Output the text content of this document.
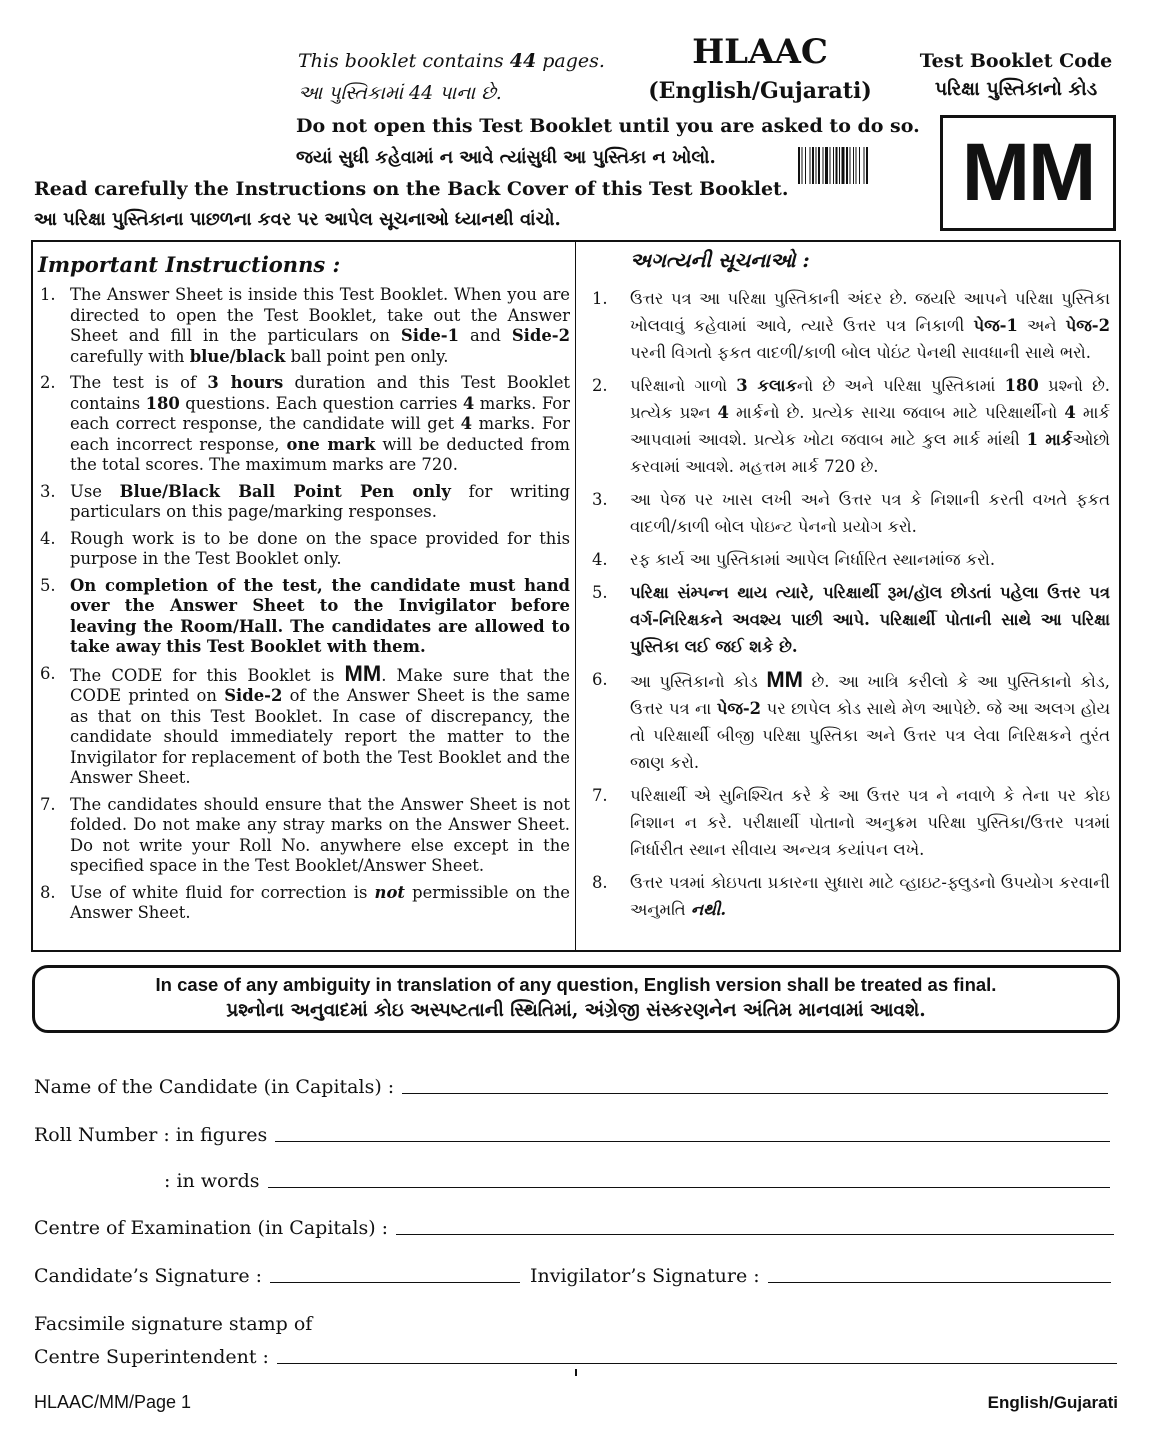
This booklet contains 44 pages.
આ પુસ્તિકામાં 44 પાના છે.
HLAAC
(English/Gujarati)
Test Booklet Code
પરિક્ષા પુસ્તિકાનો કોડ
Do not open this Test Booklet until you are asked to do so.
જયાં સુધી કહેવામાં ન આવે ત્યાંસુધી આ પુસ્તિકા ન ખોલો.
Read carefully the Instructions on the Back Cover of this Test Booklet.
આ પરિક્ષા પુસ્તિકાના પાછળના કવર પર આપેલ સૂચનાઓ ધ્યાનથી વાંચો.
MM
Important Instructionns :	અગત્યની સૂચનાઓ :
1. The Answer Sheet is inside this Test Booklet. When you are directed to open the Test Booklet, take out the Answer Sheet and fill in the particulars on Side-1 and Side-2 carefully with blue/black ball point pen only.
2. The test is of 3 hours duration and this Test Booklet contains 180 questions. Each question carries 4 marks. For each correct response, the candidate will get 4 marks. For each incorrect response, one mark will be deducted from the total scores. The maximum marks are 720.
3. Use Blue/Black Ball Point Pen only for writing particulars on this page/marking responses.
4. Rough work is to be done on the space provided for this purpose in the Test Booklet only.
5. On completion of the test, the candidate must hand over the Answer Sheet to the Invigilator before leaving the Room/Hall. The candidates are allowed to take away this Test Booklet with them.
6. The CODE for this Booklet is MM. Make sure that the CODE printed on Side-2 of the Answer Sheet is the same as that on this Test Booklet. In case of discrepancy, the candidate should immediately report the matter to the Invigilator for replacement of both the Test Booklet and the Answer Sheet.
7. The candidates should ensure that the Answer Sheet is not folded. Do not make any stray marks on the Answer Sheet. Do not write your Roll No. anywhere else except in the specified space in the Test Booklet/Answer Sheet.
8. Use of white fluid for correction is not permissible on the Answer Sheet.
1.	ઉત્તર પત્ર આ પરિક્ષા પુસ્તિકાની અંદર છે. જયરિ આપને પરિક્ષા પુસ્તિકા ખોલવાવું કહેવામાં આવે, ત્યારે ઉત્તર પત્ર નિકાળી પેજ-1 અને પેજ-2 પરની વિગતો ફકત વાદળી/કાળી બોલ પોઇંટ પેનથી સાવધાની સાથે ભરો.
2.	પરિક્ષાનો ગાળો 3 કલાકનો છે અને પરિક્ષા પુસ્તિકામાં 180 પ્રશ્નો છે. પ્રત્યેક પ્રશ્ન 4 માર્કનો છે. પ્રત્યેક સાચા જવાબ માટે પરિક્ષાર્થીનો 4 માર્ક આપવામાં આવશે. પ્રત્યેક ખોટા જવાબ માટે કુલ માર્ક માંથી 1 માર્કઓછો કરવામાં આવશે. મહત્તમ માર્ક 720 છે.
3.	આ પેજ પર ખાસ લખી અને ઉત્તર પત્ર કે નિશાની કરતી વખતે ફકત વાદળી/કાળી બોલ પોઇન્ટ પેનનો પ્રયોગ કરો.
4.	રફ કાર્ય આ પુસ્તિકામાં આપેલ નિર્ધારિત સ્થાનમાંજ કરો.
5.	પરિક્ષા સંમ્પન્ન થાય ત્યારે, પરિક્ષાર્થી રૂમ/હૉલ છોડતાં પહેલા ઉત્તર પત્ર વર્ગ-નિરિક્ષકને અવશ્ય પાછી આપે. પરિક્ષાર્થી પોતાની સાથે આ પરિક્ષા પુસ્તિકા લઈ જઈ શકે છે.
6.	આ પુસ્તિકાનો કોડ MM છે. આ ખાત્રિ કરીલો કે આ પુસ્તિકાનો કોડ, ઉત્તર પત્ર ના પેજ-2 પર છાપેલ કોડ સાથે મેળ આપેછે. જે આ અલગ હોય તો પરિક્ષાર્થી બીજી પરિક્ષા પુસ્તિકા અને ઉત્તર પત્ર લેવા નિરિક્ષકને તુરંત જાણ કરો.
7.	પરિક્ષાર્થી એ સુનિશ્ચિત કરે કે આ ઉત્તર પત્ર ને નવાળે કે તેના પર કોઇ નિશાન ન કરે. પરીક્ષાર્થી પોતાનો અનુક્રમ પરિક્ષા પુસ્તિકા/ઉત્તર પત્રમાં નિર્ધારીત સ્થાન સીવાય અન્યત્ર કયાંપન લખે.
8.	ઉત્તર પત્રમાં કોઇપતા પ્રકારના સુધારા માટે વ્હાઇટ-ફ્લુડનો ઉપયોગ કરવાની અનુમતિ નથી.
In case of any ambiguity in translation of any question, English version shall be treated as final.
પ્રશ્નોના અનુવાદમાં કોઇ અસ્પષ્ટતાની સ્થિતિમાં, અંગ્રેજી સંસ્કરણનેન અંતિમ માનવામાં આવશે.
Name of the Candidate (in Capitals) :
Roll Number : in figures
: in words
Centre of Examination (in Capitals) :
Candidate’s Signature :	Invigilator’s Signature :
Facsimile signature stamp of
Centre Superintendent :
HLAAC/MM/Page 1	English/Gujarati
